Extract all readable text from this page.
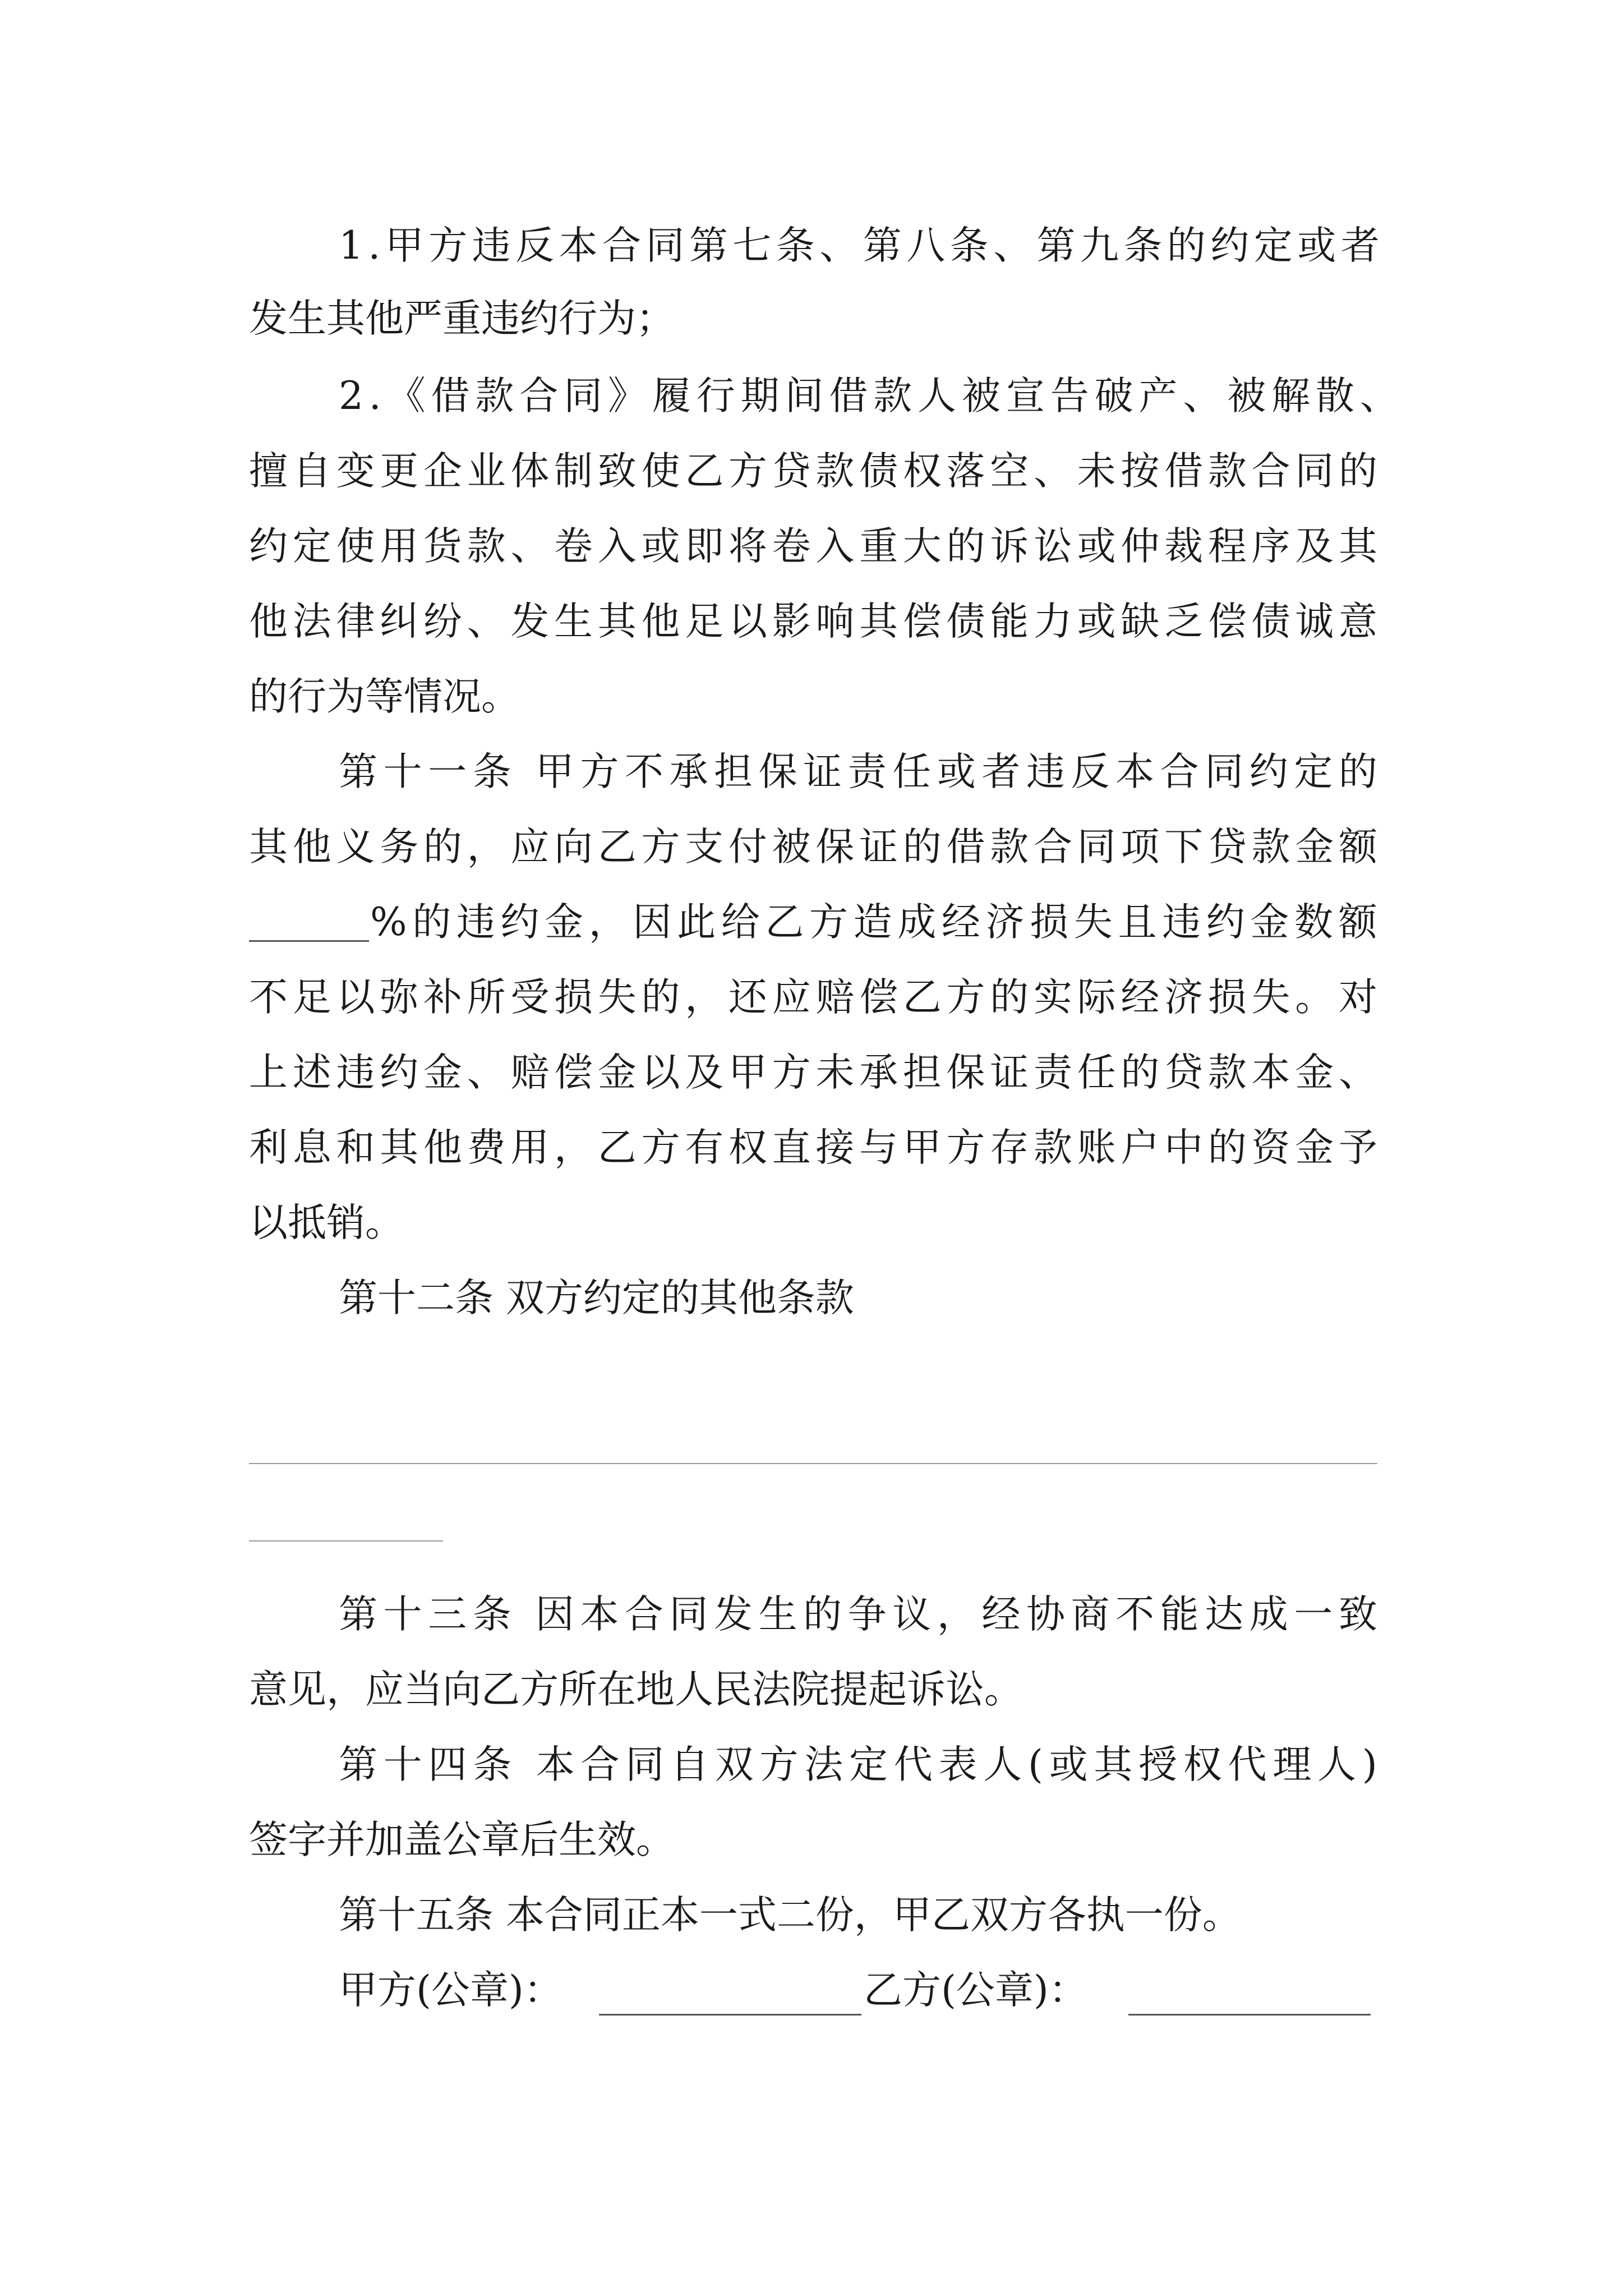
1 . 甲 方 违 反 本 合 同 第 七 条 、 第 八 条 、 第 九 条 的 约 定 或 者
发生其他严重违约行为；
2 . 《 借 款 合 同 》 履 行 期 间 借 款 人 被 宣 告 破 产 、 被 解 散 、
擅 自 变 更 企 业 体 制 致 使 乙 方 贷 款 债 权 落 空 、 未 按 借 款 合 同 的
约 定 使 用 货 款 、 卷 入 或 即 将 卷 入 重 大 的 诉 讼 或 仲 裁 程 序 及 其
他 法 律 纠 纷 、 发 生 其 他 足 以 影 响 其 偿 债 能 力 或 缺 乏 偿 债 诚 意
的行为等情况。
第 十 一 条
甲 方 不 承 担 保 证 责 任 或 者 违 反 本 合 同 约 定 的
其 他 义 务 的 ， 应 向 乙 方 支 付 被 保 证 的 借 款 合 同 项 下 贷 款 金 额
% 的 违 约 金 ， 因 此 给 乙 方 造 成 经 济 损 失 且 违 约 金 数 额
不 足 以 弥 补 所 受 损 失 的 ， 还 应 赔 偿 乙 方 的 实 际 经 济 损 失 。 对
上 述 违 约 金 、 赔 偿 金 以 及 甲 方 未 承 担 保 证 责 任 的 贷 款 本 金 、
利 息 和 其 他 费 用 ， 乙 方 有 权 直 接 与 甲 方 存 款 账 户 中 的 资 金 予
以抵销。
第十二条 双方约定的其他条款
第 十 三 条
因 本 合 同 发 生 的 争 议 ， 经 协 商 不 能 达 成 一 致
意见，应当向乙方所在地人民法院提起诉讼。
第 十 四 条
本 合 同 自 双 方 法 定 代 表 人 ( 或 其 授 权 代 理 人 )
签字并加盖公章后生效。
第十五条 本合同正本一式二份，甲乙双方各执一份。
甲方(公章)：	乙方(公章)：
